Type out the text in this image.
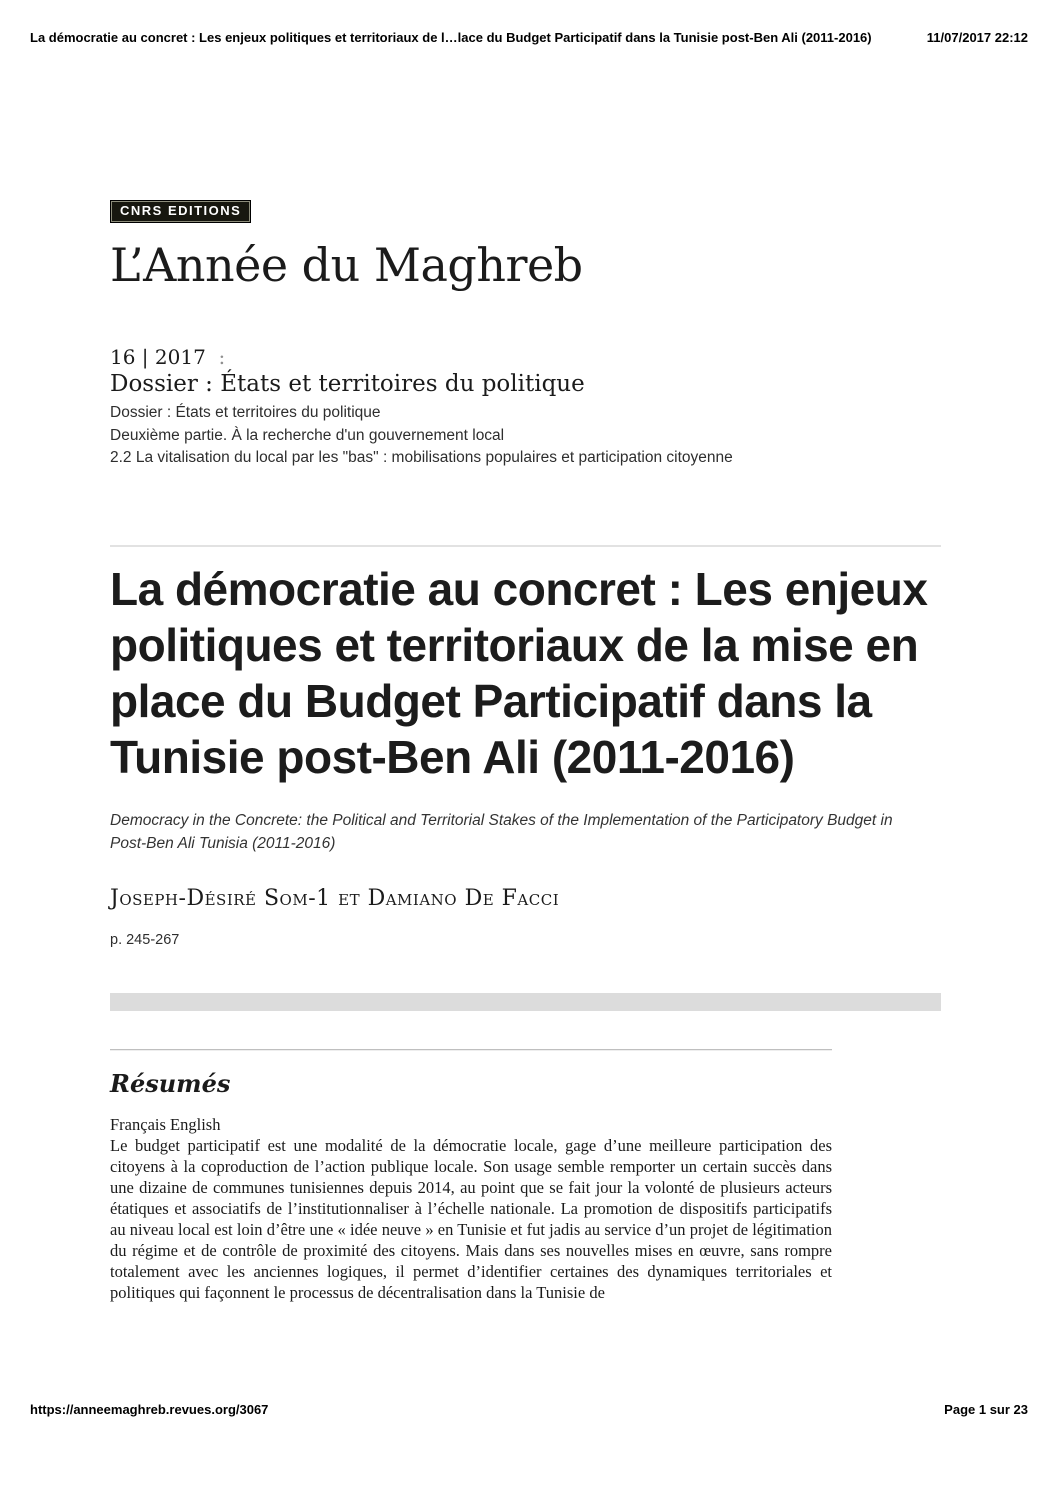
La démocratie au concret : Les enjeux politiques et territoriaux de l…lace du Budget Participatif dans la Tunisie post-Ben Ali (2011-2016)	11/07/2017 22:12
CNRS EDITIONS
L’Année du Maghreb
16 | 2017 :
Dossier : États et territoires du politique
Dossier : États et territoires du politique
Deuxième partie. À la recherche d'un gouvernement local
2.2 La vitalisation du local par les "bas" : mobilisations populaires et participation citoyenne
La démocratie au concret : Les enjeux politiques et territoriaux de la mise en place du Budget Participatif dans la Tunisie post-Ben Ali (2011-2016)

Democracy in the Concrete: the Political and Territorial Stakes of the Implementation of the Participatory Budget in Post-Ben Ali Tunisia (2011-2016)

Joseph-Désiré Som-1 et Damiano De Facci
p. 245-267
Résumés
Français English

Le budget participatif est une modalité de la démocratie locale, gage d’une meilleure participation des citoyens à la coproduction de l’action publique locale. Son usage semble remporter un certain succès dans une dizaine de communes tunisiennes depuis 2014, au point que se fait jour la volonté de plusieurs acteurs étatiques et associatifs de l’institutionnaliser à l’échelle nationale. La promotion de dispositifs participatifs au niveau local est loin d’être une « idée neuve » en Tunisie et fut jadis au service d’un projet de légitimation du régime et de contrôle de proximité des citoyens. Mais dans ses nouvelles mises en œuvre, sans rompre totalement avec les anciennes logiques, il permet d’identifier certaines des dynamiques territoriales et politiques qui façonnent le processus de décentralisation dans la Tunisie de

https://anneemaghreb.revues.org/3067	Page 1 sur 23
